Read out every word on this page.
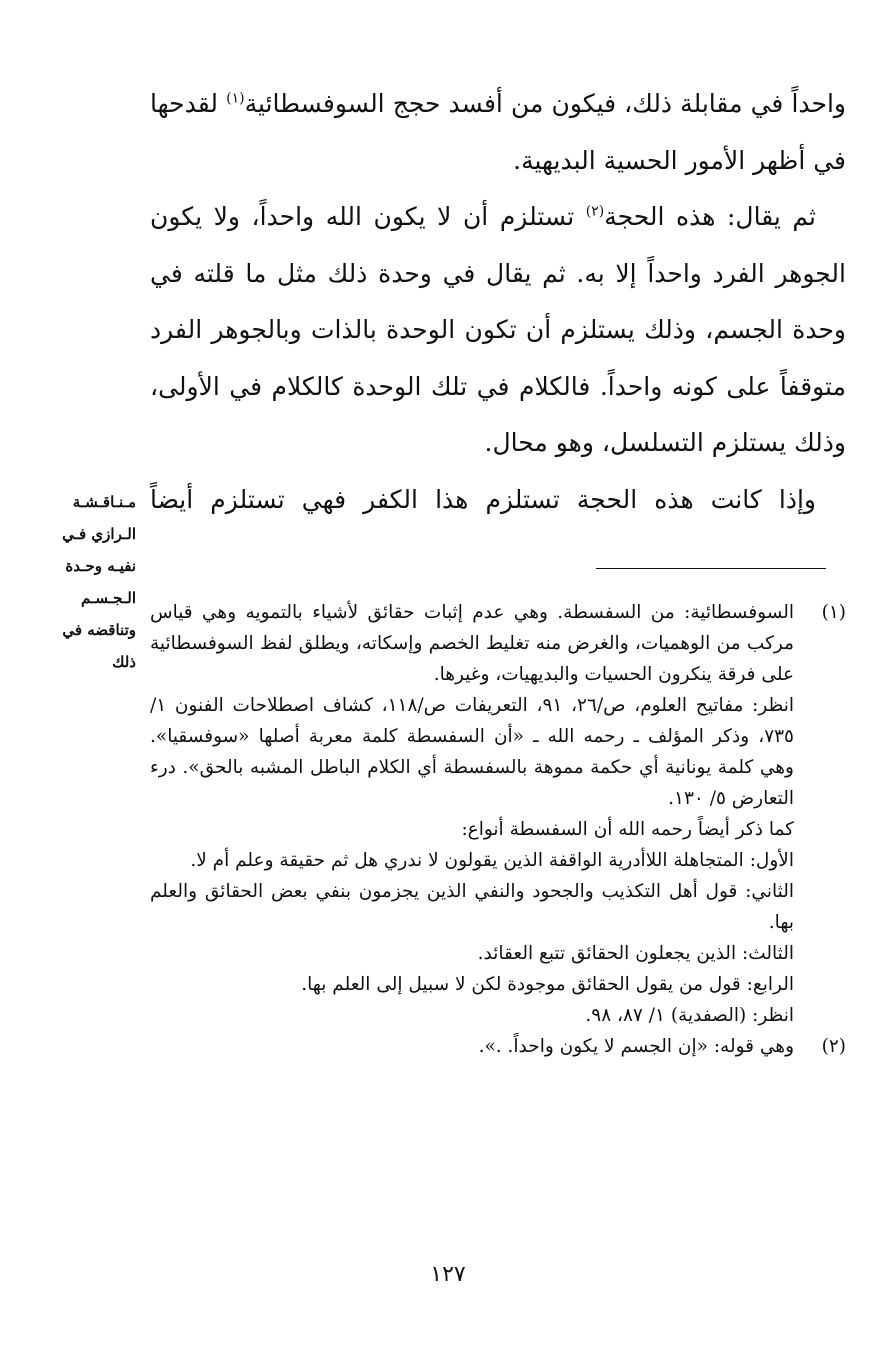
واحداً في مقابلة ذلك، فيكون من أفسد حجج السوفسطائية$^{(١)}$ لقدحها في أظهر الأمور الحسية البديهية.

ثم يقال: هذه الحجة$^{(٢)}$ تستلزم أن لا يكون الله واحداً، ولا يكون الجوهر الفرد واحداً إلا به. ثم يقال في وحدة ذلك مثل ما قلته في وحدة الجسم، وذلك يستلزم أن تكون الوحدة بالذات وبالجوهر الفرد متوقفاً على كونه واحداً. فالكلام في تلك الوحدة كالكلام في الأولى، وذلك يستلزم التسلسل، وهو محال.

وإذا كانت هذه الحجة تستلزم هذا الكفر فهي تستلزم أيضاً

مـنـاقـشـة
الـرازي فـي
نفيـه وحـدة
الـجـسـم
وتناقضه في
ذلك
(١)

السوفسطائية: من السفسطة. وهي عدم إثبات حقائق لأشياء بالتمويه وهي قياس مركب من الوهميات، والغرض منه تغليط الخصم وإسكاته، ويطلق لفظ السوفسطائية على فرقة ينكرون الحسيات والبديهيات، وغيرها.

انظر: مفاتيح العلوم، ص/٢٦، ٩١، التعريفات ص/١١٨، كشاف اصطلاحات الفنون ١/ ٧٣٥، وذكر المؤلف ـ رحمه الله ـ «أن السفسطة كلمة معربة أصلها «سوفسقيا». وهي كلمة يونانية أي حكمة مموهة بالسفسطة أي الكلام الباطل المشبه بالحق». درء التعارض ٥/ ١٣٠.

كما ذكر أيضاً رحمه الله أن السفسطة أنواع:

الأول: المتجاهلة اللاأدرية الواقفة الذين يقولون لا ندري هل ثم حقيقة وعلم أم لا.

الثاني: قول أهل التكذيب والجحود والنفي الذين يجزمون بنفي بعض الحقائق والعلم بها.

الثالث: الذين يجعلون الحقائق تتبع العقائد.

الرابع: قول من يقول الحقائق موجودة لكن لا سبيل إلى العلم بها.

انظر: (الصفدية) ١/ ٨٧، ٩٨.

(٢)

وهي قوله: «إن الجسم لا يكون واحداً. .».

١٢٧
